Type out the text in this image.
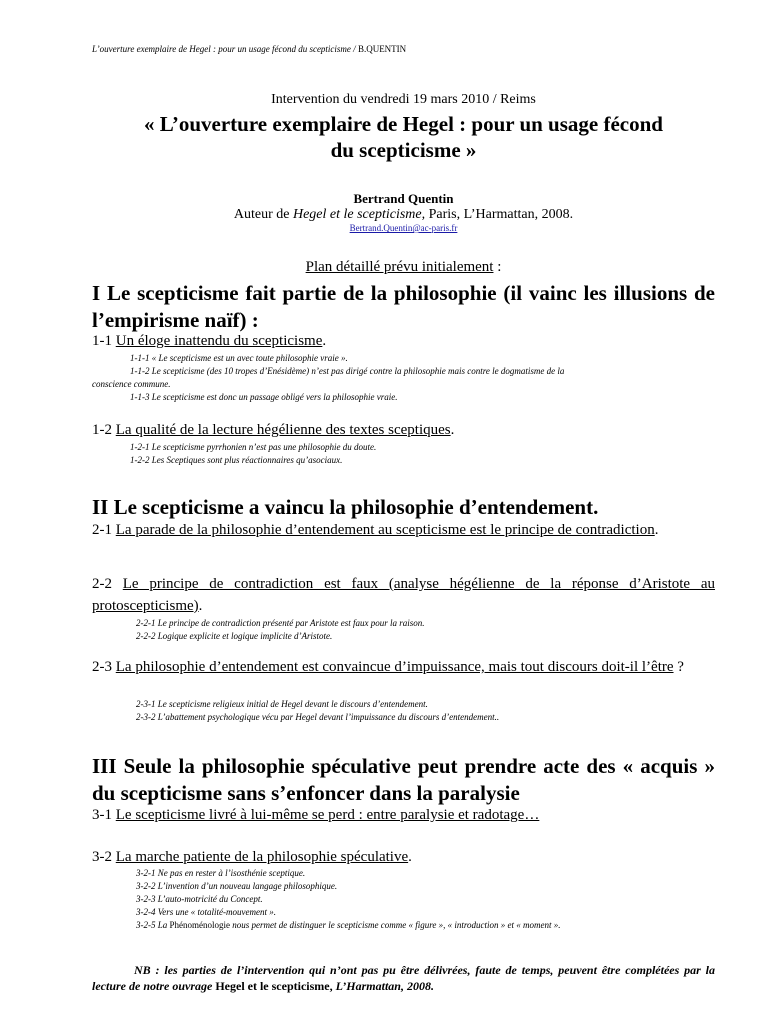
L’ouverture exemplaire de Hegel : pour un usage fécond du scepticisme / B.QUENTIN
Intervention du vendredi 19 mars 2010 / Reims
« L’ouverture exemplaire de Hegel : pour un usage fécond
du scepticisme »
Bertrand Quentin
Auteur de Hegel et le scepticisme, Paris, L’Harmattan, 2008.
Bertrand.Quentin@ac-paris.fr
Plan détaillé prévu initialement :
I Le scepticisme fait partie de la philosophie (il vainc les illusions de l’empirisme naïf) :
1-1 Un éloge inattendu du scepticisme.
1-1-1 « Le scepticisme est un avec toute philosophie vraie ».
1-1-2 Le scepticisme (des 10 tropes d’Enésidème) n’est pas dirigé contre la philosophie mais contre le dogmatisme de la
conscience commune.
1-1-3 Le scepticisme est donc un passage obligé vers la philosophie vraie.
1-2 La qualité de la lecture hégélienne des textes sceptiques.
1-2-1 Le scepticisme pyrrhonien n’est pas une philosophie du doute.
1-2-2 Les Sceptiques sont plus réactionnaires qu’asociaux.
II Le scepticisme a vaincu la philosophie d’entendement.
2-1 La parade de la philosophie d’entendement au scepticisme est le principe de contradiction.
2-2 Le principe de contradiction est faux (analyse hégélienne de la réponse d’Aristote au protoscepticisme).
2-2-1 Le principe de contradiction présenté par Aristote est faux pour la raison.
2-2-2 Logique explicite et logique implicite d’Aristote.
2-3 La philosophie d’entendement est convaincue d’impuissance, mais tout discours doit-il l’être ?
2-3-1 Le scepticisme religieux initial de Hegel devant le discours d’entendement.
2-3-2 L’abattement psychologique vécu par Hegel devant l’impuissance du discours d’entendement..
III Seule la philosophie spéculative peut prendre acte des « acquis » du scepticisme sans s’enfoncer dans la paralysie
3-1 Le scepticisme livré à lui-même se perd : entre paralysie et radotage…
3-2 La marche patiente de la philosophie spéculative.
3-2-1 Ne pas en rester à l’isosthénie sceptique.
3-2-2 L’invention d’un nouveau langage philosophique.
3-2-3 L’auto-motricité du Concept.
3-2-4 Vers une « totalité-mouvement ».
3-2-5 La Phénoménologie nous permet de distinguer le scepticisme comme « figure », « introduction » et « moment ».
NB : les parties de l’intervention qui n’ont pas pu être délivrées, faute de temps, peuvent être complétées par la lecture de notre ouvrage Hegel et le scepticisme, L’Harmattan, 2008.
